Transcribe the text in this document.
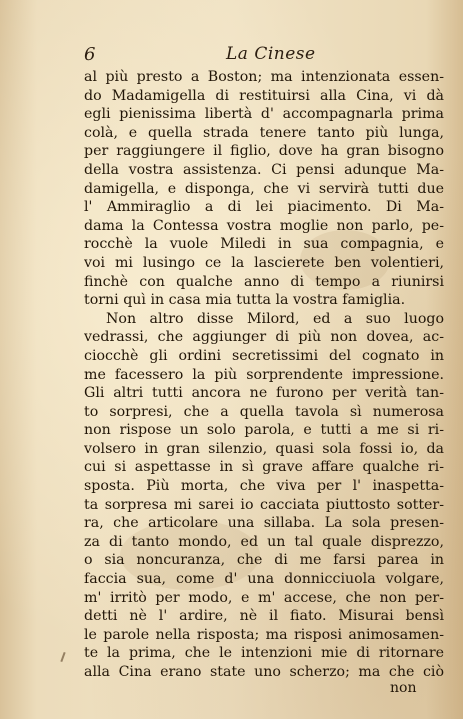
6	La Cinese
al più presto a Boston; ma intenzionata essen-
do Madamigella di restituirsi alla Cina, vi dà
egli pienissima libertà d' accompagnarla prima
colà, e quella strada tenere tanto più lunga,
per raggiungere il figlio, dove ha gran bisogno
della vostra assistenza. Ci pensi adunque Ma-
damigella, e disponga, che vi servirà tutti due
l' Ammiraglio a di lei piacimento. Di Ma-
dama la Contessa vostra moglie non parlo, pe-
rocchè la vuole Miledi in sua compagnia, e
voi mi lusingo ce la lascierete ben volentieri,
finchè con qualche anno di tempo a riunirsi
torni quì in casa mia tutta la vostra famiglia.
Non altro disse Milord, ed a suo luogo
vedrassi, che aggiunger di più non dovea, ac-
ciocchè gli ordini secretissimi del cognato in
me facessero la più sorprendente impressione.
Gli altri tutti ancora ne furono per verità tan-
to sorpresi, che a quella tavola sì numerosa
non rispose un solo parola, e tutti a me si ri-
volsero in gran silenzio, quasi sola fossi io, da
cui si aspettasse in sì grave affare qualche ri-
sposta. Più morta, che viva per l' inaspetta-
ta sorpresa mi sarei io cacciata piuttosto sotter-
ra, che articolare una sillaba. La sola presen-
za di tanto mondo, ed un tal quale disprezzo,
o sia noncuranza, che di me farsi parea in
faccia sua, come d' una donnicciuola volgare,
m' irritò per modo, e m' accese, che non per-
detti nè l' ardire, nè il fiato. Misurai bensì
le parole nella risposta; ma risposi animosamen-
te la prima, che le intenzioni mie di ritornare
alla Cina erano state uno scherzo; ma che ciò
non
